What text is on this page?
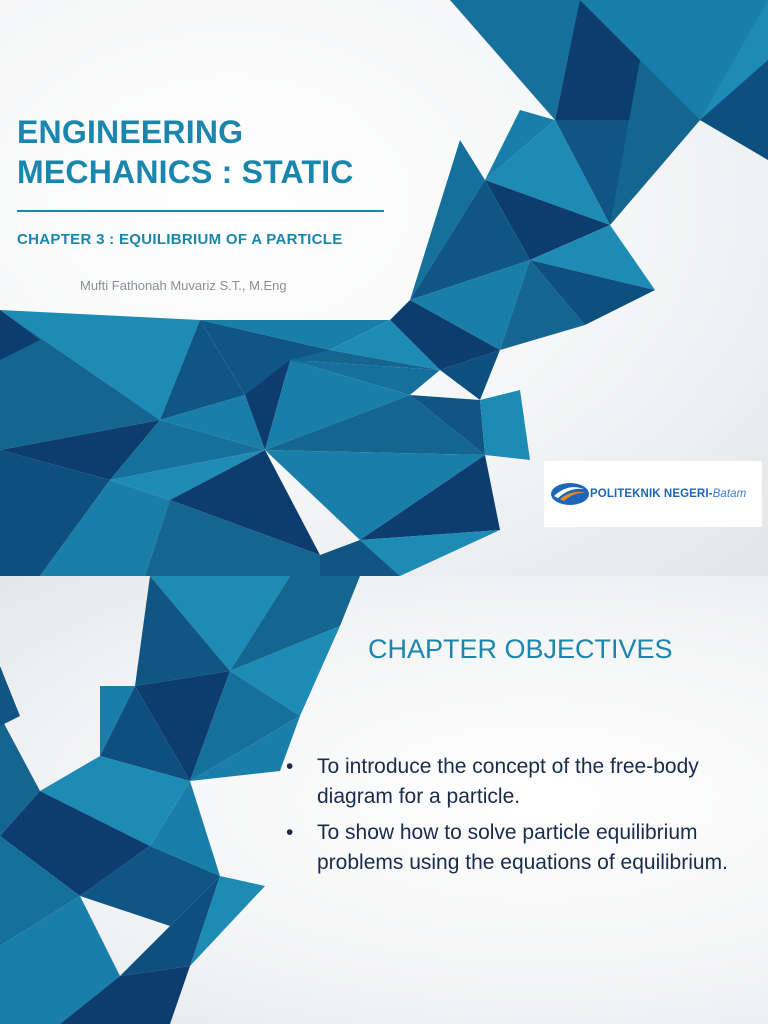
ENGINEERING
MECHANICS : STATIC
CHAPTER 3 : EQUILIBRIUM OF A PARTICLE
Mufti Fathonah Muvariz S.T., M.Eng
POLITEKNIK NEGERI-Batam
CHAPTER OBJECTIVES
• To introduce the concept of the free-body diagram for a particle.
• To show how to solve particle equilibrium problems using the equations of equilibrium.
